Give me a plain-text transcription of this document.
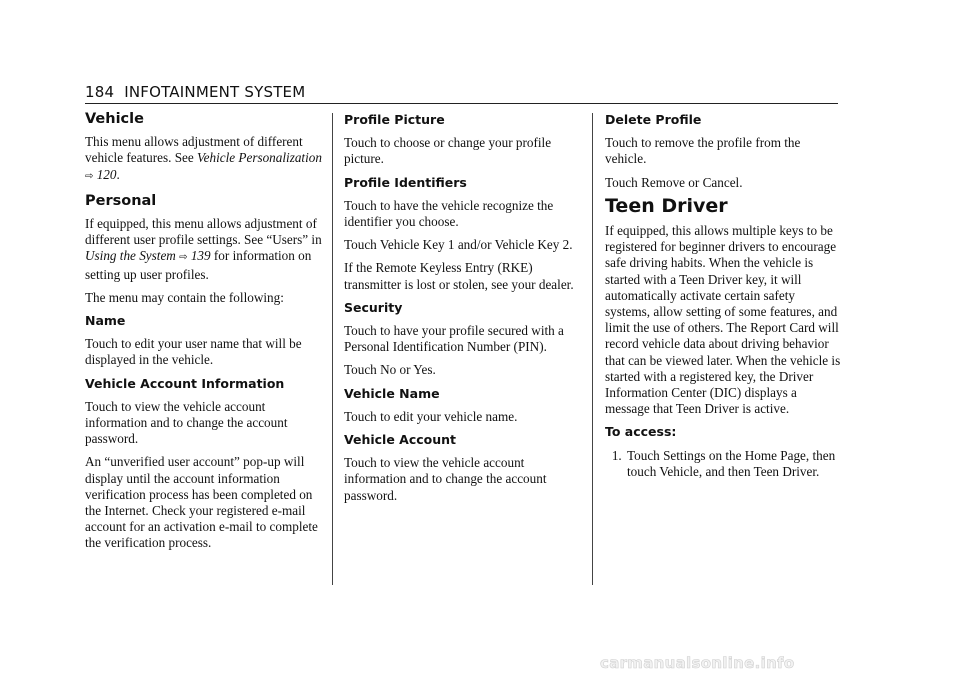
184 INFOTAINMENT SYSTEM
Vehicle

This menu allows adjustment of different vehicle features. See Vehicle Personalization ⇨ 120.

Personal

If equipped, this menu allows adjustment of different user profile settings. See “Users” in Using the System ⇨ 139 for information on setting up user profiles.

The menu may contain the following:

Name

Touch to edit your user name that will be displayed in the vehicle.

Vehicle Account Information

Touch to view the vehicle account information and to change the account password.

An “unverified user account” pop-up will display until the account information verification process has been completed on the Internet. Check your registered e-mail account for an activation e-mail to complete the verification process.

Profile Picture

Touch to choose or change your profile picture.

Profile Identifiers

Touch to have the vehicle recognize the identifier you choose.

Touch Vehicle Key 1 and/or Vehicle Key 2.

If the Remote Keyless Entry (RKE) transmitter is lost or stolen, see your dealer.

Security

Touch to have your profile secured with a Personal Identification Number (PIN).

Touch No or Yes.

Vehicle Name

Touch to edit your vehicle name.

Vehicle Account

Touch to view the vehicle account information and to change the account password.

Delete Profile

Touch to remove the profile from the vehicle.

Touch Remove or Cancel.

Teen Driver

If equipped, this allows multiple keys to be registered for beginner drivers to encourage safe driving habits. When the vehicle is started with a Teen Driver key, it will automatically activate certain safety systems, allow setting of some features, and limit the use of others. The Report Card will record vehicle data about driving behavior that can be viewed later. When the vehicle is started with a registered key, the Driver Information Center (DIC) displays a message that Teen Driver is active.

To access:
1. Touch Settings on the Home Page, then touch Vehicle, and then Teen Driver.
carmanualsonline.info
